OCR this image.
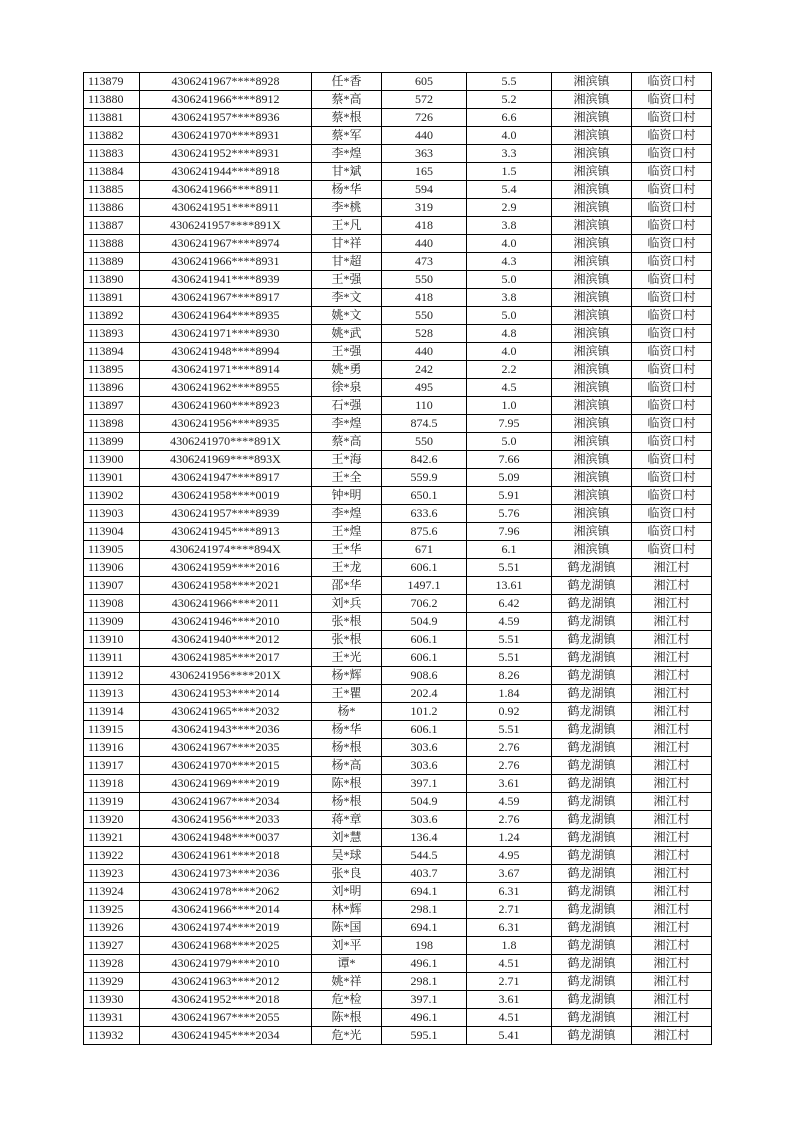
113879	4306241967****8928	任*香	605	5.5	湘滨镇	临资口村
113880	4306241966****8912	蔡*高	572	5.2	湘滨镇	临资口村
113881	4306241957****8936	蔡*根	726	6.6	湘滨镇	临资口村
113882	4306241970****8931	蔡*军	440	4.0	湘滨镇	临资口村
113883	4306241952****8931	李*煌	363	3.3	湘滨镇	临资口村
113884	4306241944****8918	甘*斌	165	1.5	湘滨镇	临资口村
113885	4306241966****8911	杨*华	594	5.4	湘滨镇	临资口村
113886	4306241951****8911	李*桃	319	2.9	湘滨镇	临资口村
113887	4306241957****891X	王*凡	418	3.8	湘滨镇	临资口村
113888	4306241967****8974	甘*祥	440	4.0	湘滨镇	临资口村
113889	4306241966****8931	甘*超	473	4.3	湘滨镇	临资口村
113890	4306241941****8939	王*强	550	5.0	湘滨镇	临资口村
113891	4306241967****8917	李*文	418	3.8	湘滨镇	临资口村
113892	4306241964****8935	姚*文	550	5.0	湘滨镇	临资口村
113893	4306241971****8930	姚*武	528	4.8	湘滨镇	临资口村
113894	4306241948****8994	王*强	440	4.0	湘滨镇	临资口村
113895	4306241971****8914	姚*勇	242	2.2	湘滨镇	临资口村
113896	4306241962****8955	徐*泉	495	4.5	湘滨镇	临资口村
113897	4306241960****8923	石*强	110	1.0	湘滨镇	临资口村
113898	4306241956****8935	李*煌	874.5	7.95	湘滨镇	临资口村
113899	4306241970****891X	蔡*高	550	5.0	湘滨镇	临资口村
113900	4306241969****893X	王*海	842.6	7.66	湘滨镇	临资口村
113901	4306241947****8917	王*全	559.9	5.09	湘滨镇	临资口村
113902	4306241958****0019	钟*明	650.1	5.91	湘滨镇	临资口村
113903	4306241957****8939	李*煌	633.6	5.76	湘滨镇	临资口村
113904	4306241945****8913	王*煌	875.6	7.96	湘滨镇	临资口村
113905	4306241974****894X	王*华	671	6.1	湘滨镇	临资口村
113906	4306241959****2016	王*龙	606.1	5.51	鹤龙湖镇	湘江村
113907	4306241958****2021	邵*华	1497.1	13.61	鹤龙湖镇	湘江村
113908	4306241966****2011	刘*兵	706.2	6.42	鹤龙湖镇	湘江村
113909	4306241946****2010	张*根	504.9	4.59	鹤龙湖镇	湘江村
113910	4306241940****2012	张*根	606.1	5.51	鹤龙湖镇	湘江村
113911	4306241985****2017	王*光	606.1	5.51	鹤龙湖镇	湘江村
113912	4306241956****201X	杨*辉	908.6	8.26	鹤龙湖镇	湘江村
113913	4306241953****2014	王*瞿	202.4	1.84	鹤龙湖镇	湘江村
113914	4306241965****2032	杨*	101.2	0.92	鹤龙湖镇	湘江村
113915	4306241943****2036	杨*华	606.1	5.51	鹤龙湖镇	湘江村
113916	4306241967****2035	杨*根	303.6	2.76	鹤龙湖镇	湘江村
113917	4306241970****2015	杨*高	303.6	2.76	鹤龙湖镇	湘江村
113918	4306241969****2019	陈*根	397.1	3.61	鹤龙湖镇	湘江村
113919	4306241967****2034	杨*根	504.9	4.59	鹤龙湖镇	湘江村
113920	4306241956****2033	蒋*章	303.6	2.76	鹤龙湖镇	湘江村
113921	4306241948****0037	刘*慧	136.4	1.24	鹤龙湖镇	湘江村
113922	4306241961****2018	吴*球	544.5	4.95	鹤龙湖镇	湘江村
113923	4306241973****2036	张*良	403.7	3.67	鹤龙湖镇	湘江村
113924	4306241978****2062	刘*明	694.1	6.31	鹤龙湖镇	湘江村
113925	4306241966****2014	林*辉	298.1	2.71	鹤龙湖镇	湘江村
113926	4306241974****2019	陈*国	694.1	6.31	鹤龙湖镇	湘江村
113927	4306241968****2025	刘*平	198	1.8	鹤龙湖镇	湘江村
113928	4306241979****2010	谭*	496.1	4.51	鹤龙湖镇	湘江村
113929	4306241963****2012	姚*祥	298.1	2.71	鹤龙湖镇	湘江村
113930	4306241952****2018	危*检	397.1	3.61	鹤龙湖镇	湘江村
113931	4306241967****2055	陈*根	496.1	4.51	鹤龙湖镇	湘江村
113932	4306241945****2034	危*光	595.1	5.41	鹤龙湖镇	湘江村
